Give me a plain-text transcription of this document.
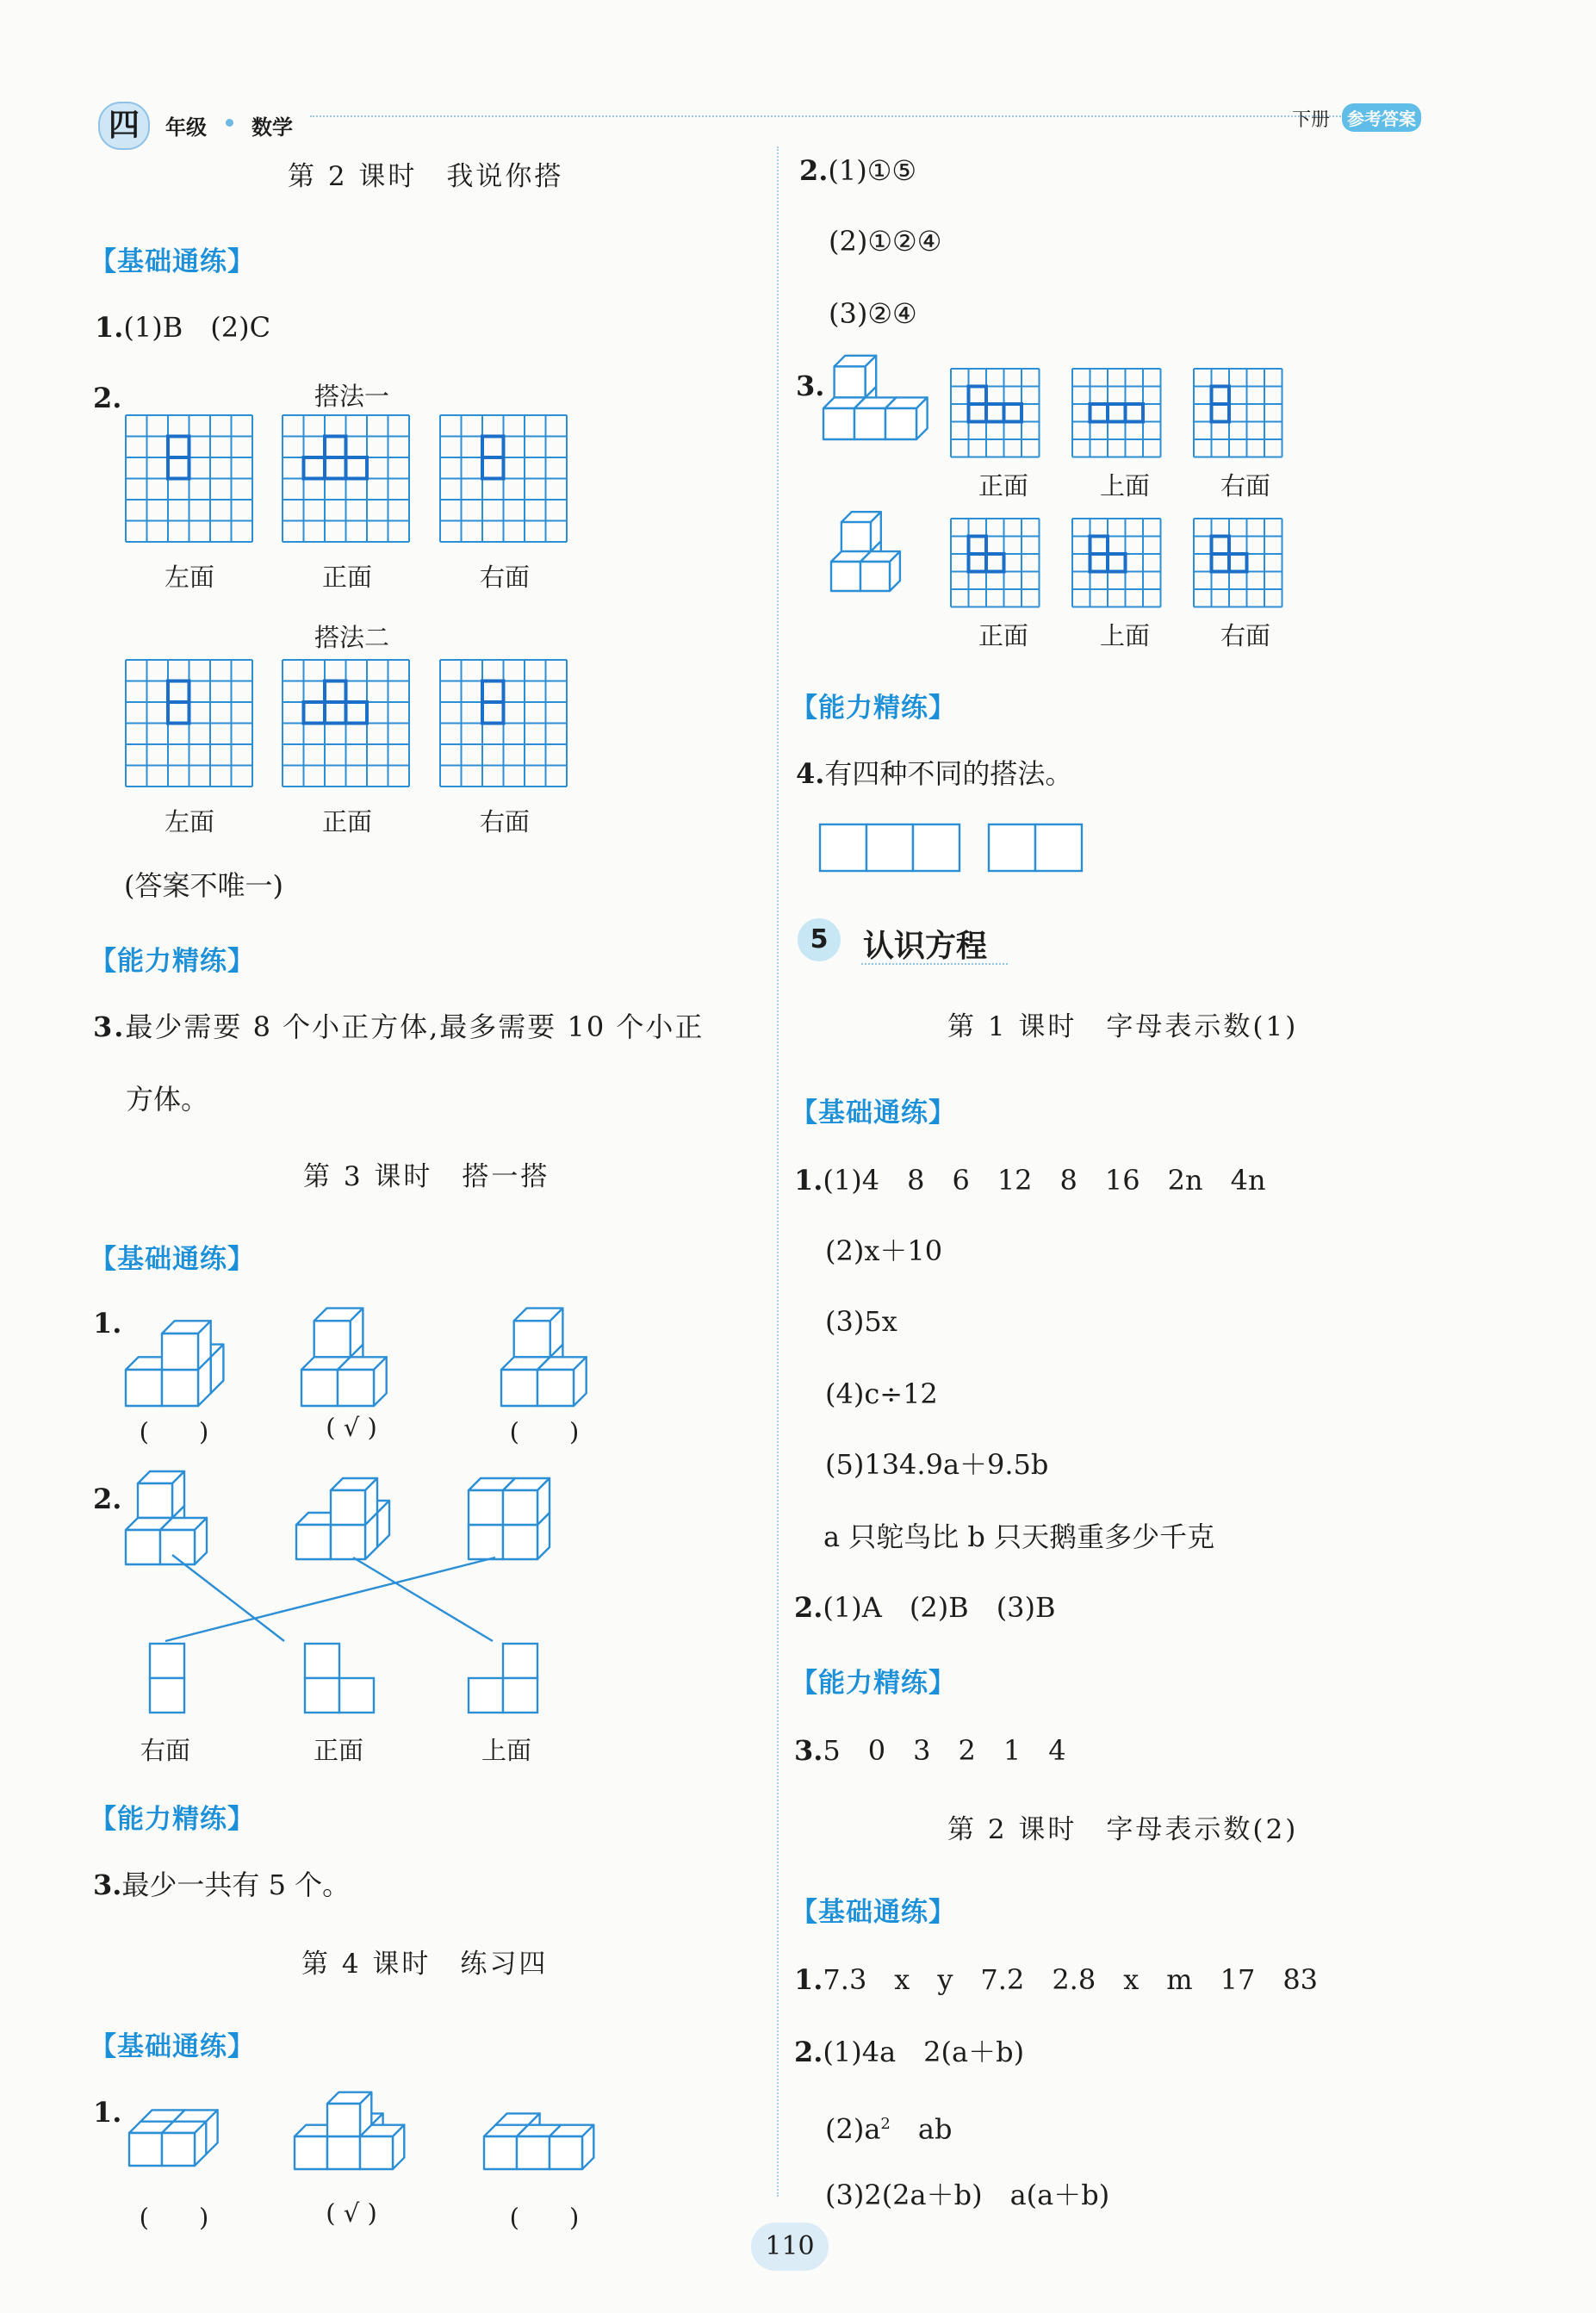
四	年级 数学	下册 参考答案
第 2 课时　我说你搭
【基础通练】
1.(1)B　(2)C
2.	搭法一
搭法二
左面	正面	右面
左面	正面	右面
(答案不唯一)
【能力精练】
3.最少需要 8 个小正方体,最多需要 10 个小正
方体。
第 3 课时　搭一搭
【基础通练】
1.
(　　)	( √ )	(　　)
2.
右面	正面	上面
【能力精练】
3.最少一共有 5 个。
第 4 课时　练习四
【基础通练】
1.
(　　)	( √ )	(　　)
2.(1)①⑤
(2)①②④
(3)②④
3.
正面	上面	右面
正面	上面	右面
【能力精练】
4.有四种不同的搭法。
5	认识方程
第 1 课时　字母表示数(1)
【基础通练】
1.(1)4　8　6　12　8　16　2n　4n
(2)x＋10
(3)5x
(4)c÷12
(5)134.9a＋9.5b
a 只鸵鸟比 b 只天鹅重多少千克
2.(1)A　(2)B　(3)B
【能力精练】
3.5　0　3　2　1　4
第 2 课时　字母表示数(2)
【基础通练】
1.7.3　x　y　7.2　2.8　x　m　17　83
2.(1)4a　2(a＋b)
$(2)a^2$　ab
(3)2(2a＋b)　a(a＋b)
110
